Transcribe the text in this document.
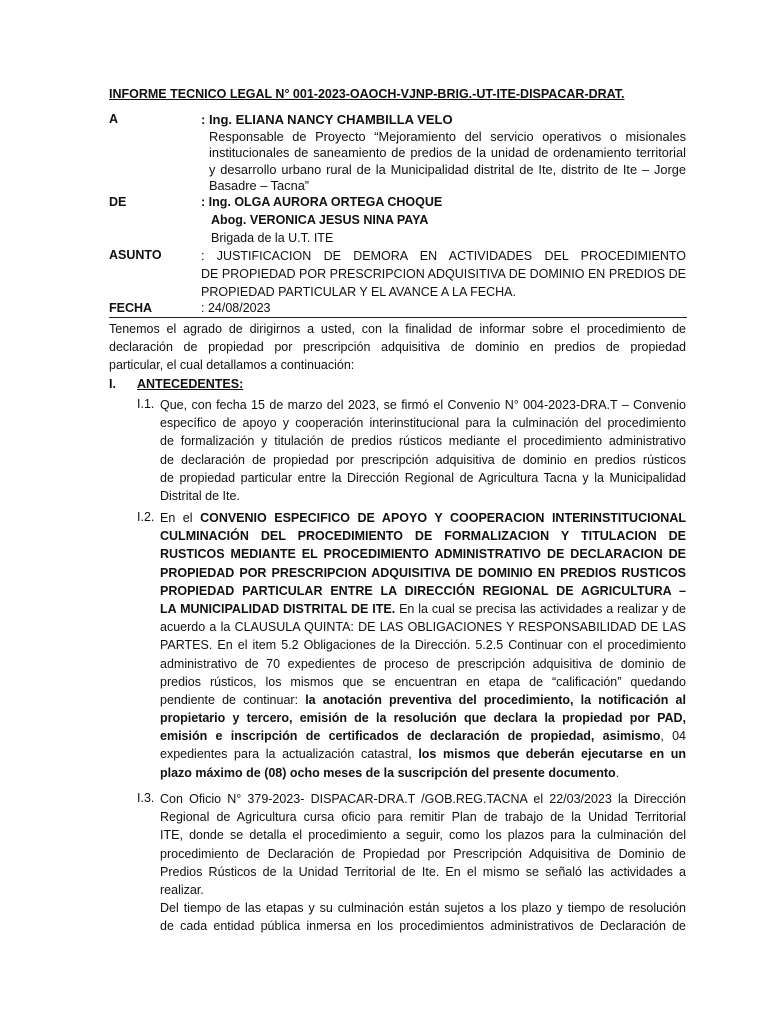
INFORME TECNICO LEGAL N° 001-2023-OAOCH-VJNP-BRIG.-UT-ITE-DISPACAR-DRAT.
A	: Ing. ELIANA NANCY CHAMBILLA VELO
Responsable de Proyecto “Mejoramiento del servicio operativos o misionales
institucionales de saneamiento de predios de la unidad de ordenamiento territorial
y desarrollo urbano rural de la Municipalidad distrital de Ite, distrito de Ite – Jorge
Basadre – Tacna”
DE	: Ing. OLGA AURORA ORTEGA CHOQUE
Abog. VERONICA JESUS NINA PAYA
Brigada de la U.T. ITE
ASUNTO	: JUSTIFICACION DE DEMORA EN ACTIVIDADES DEL PROCEDIMIENTO
DE PROPIEDAD POR PRESCRIPCION ADQUISITIVA DE DOMINIO EN PREDIOS DE
PROPIEDAD PARTICULAR Y EL AVANCE A LA FECHA.
FECHA	: 24/08/2023
Tenemos el agrado de dirigirnos a usted, con la finalidad de informar sobre el procedimiento de
declaración de propiedad por prescripción adquisitiva de dominio en predios de propiedad
particular, el cual detallamos a continuación:
I. ANTECEDENTES:
I.1. Que, con fecha 15 de marzo del 2023, se firmó el Convenio N° 004-2023-DRA.T – Convenio
específico de apoyo y cooperación interinstitucional para la culminación del procedimiento
de formalización y titulación de predios rústicos mediante el procedimiento administrativo
de declaración de propiedad por prescripción adquisitiva de dominio en predios rústicos
de propiedad particular entre la Dirección Regional de Agricultura Tacna y la Municipalidad
Distrital de Ite.
I.2. En el CONVENIO ESPECIFICO DE APOYO Y COOPERACION INTERINSTITUCIONAL
CULMINACIÓN DEL PROCEDIMIENTO DE FORMALIZACION Y TITULACION DE
RUSTICOS MEDIANTE EL PROCEDIMIENTO ADMINISTRATIVO DE DECLARACION DE
PROPIEDAD POR PRESCRIPCION ADQUISITIVA DE DOMINIO EN PREDIOS RUSTICOS
PROPIEDAD PARTICULAR ENTRE LA DIRECCIÓN REGIONAL DE AGRICULTURA –
LA MUNICIPALIDAD DISTRITAL DE ITE. En la cual se precisa las actividades a realizar y de
acuerdo a la CLAUSULA QUINTA: DE LAS OBLIGACIONES Y RESPONSABILIDAD DE LAS
PARTES. En el item 5.2 Obligaciones de la Dirección. 5.2.5 Continuar con el procedimiento
administrativo de 70 expedientes de proceso de prescripción adquisitiva de dominio de
predios rústicos, los mismos que se encuentran en etapa de “calificación” quedando
pendiente de continuar: la anotación preventiva del procedimiento, la notificación al
propietario y tercero, emisión de la resolución que declara la propiedad por PAD,
emisión e inscripción de certificados de declaración de propiedad, asimismo, 04
expedientes para la actualización catastral, los mismos que deberán ejecutarse en un
plazo máximo de (08) ocho meses de la suscripción del presente documento.
I.3. Con Oficio N° 379-2023- DISPACAR-DRA.T /GOB.REG.TACNA el 22/03/2023 la Dirección
Regional de Agricultura cursa oficio para remitir Plan de trabajo de la Unidad Territorial
ITE, donde se detalla el procedimiento a seguir, como los plazos para la culminación del
procedimiento de Declaración de Propiedad por Prescripción Adquisitiva de Dominio de
Predios Rústicos de la Unidad Territorial de Ite. En el mismo se señaló las actividades a
realizar.
Del tiempo de las etapas y su culminación están sujetos a los plazo y tiempo de resolución
de cada entidad pública inmersa en los procedimientos administrativos de Declaración de
